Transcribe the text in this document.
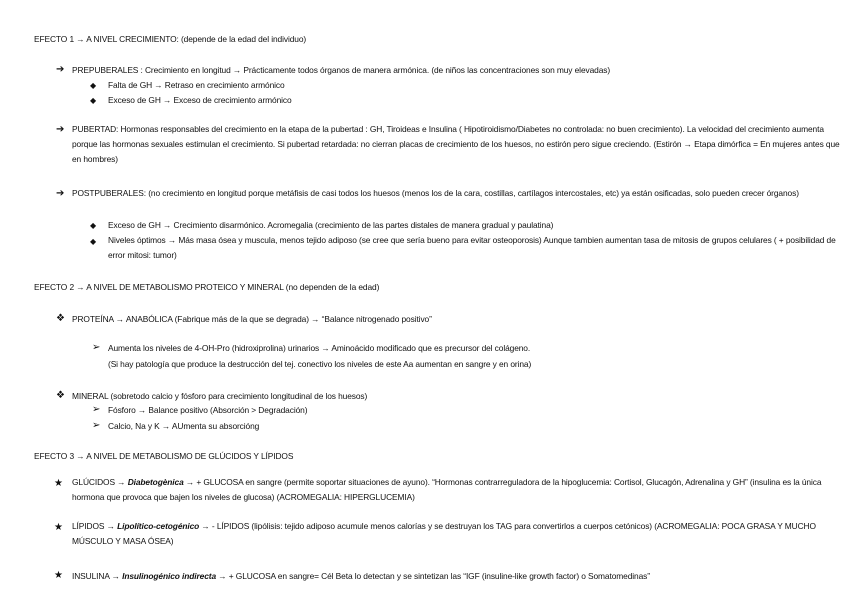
EFECTO 1 → A NIVEL CRECIMIENTO: (depende de la edad del individuo)
➔ PREPUBERALES : Crecimiento en longitud → Prácticamente todos órganos de manera armónica. (de niños las concentraciones son muy elevadas)
◆ Falta de GH → Retraso en crecimiento armónico
◆ Exceso de GH → Exceso de crecimiento armónico
➔ PUBERTAD: Hormonas responsables del crecimiento en la etapa de la pubertad : GH, Tiroideas e Insulina ( Hipotiroidismo/Diabetes no controlada: no buen crecimiento). La velocidad del crecimiento aumenta porque las hormonas sexuales estimulan el crecimiento. Si pubertad retardada: no cierran placas de crecimiento de los huesos, no estirón pero sigue creciendo. (Estirón → Etapa dimórfica = En mujeres antes que en hombres)
➔ POSTPUBERALES: (no crecimiento en longitud porque metáfisis de casi todos los huesos (menos los de la cara, costillas, cartílagos intercostales, etc) ya están osificadas, solo pueden crecer órganos)
◆ Exceso de GH → Crecimiento disarmónico. Acromegalia (crecimiento de las partes distales de manera gradual y paulatina)
◆ Niveles óptimos → Más masa ósea y muscula, menos tejido adiposo (se cree que sería bueno para evitar osteoporosis) Aunque tambien aumentan tasa de mitosis de grupos celulares ( + posibilidad de error mitosi: tumor)
EFECTO 2 → A NIVEL DE METABOLISMO PROTEICO Y MINERAL (no dependen de la edad)
❖ PROTEÍNA → ANABÓLICA (Fabrique más de la que se degrada) → “Balance nitrogenado positivo”
➢ Aumenta los niveles de 4-OH-Pro (hidroxiprolina) urinarios → Aminoácido modificado que es precursor del colágeno.
(Si hay patología que produce la destrucción del tej. conectivo los niveles de este Aa aumentan en sangre y en orina)
❖ MINERAL (sobretodo calcio y fósforo para crecimiento longitudinal de los huesos)
➢ Fósforo → Balance positivo (Absorción > Degradación)
➢ Calcio, Na y K → AUmenta su absorcióng
EFECTO 3 → A NIVEL DE METABOLISMO DE GLÚCIDOS Y LÍPIDOS
★ GLÚCIDOS → Diabetogènica → + GLUCOSA en sangre (permite soportar situaciones de ayuno). “Hormonas contrarreguladora de la hipoglucemia: Cortisol, Glucagón, Adrenalina y GH” (insulina es la única hormona que provoca que bajen los niveles de glucosa) (ACROMEGALIA: HIPERGLUCEMIA)
★ LÍPIDOS → Lipolítico-cetogénico → - LÍPIDOS (lipólisis: tejido adiposo acumule menos calorías y se destruyan los TAG para convertirlos a cuerpos cetónicos) (ACROMEGALIA: POCA GRASA Y MUCHO MÚSCULO Y MASA ÓSEA)
★ INSULINA → Insulinogénico indirecta → + GLUCOSA en sangre= Cél Beta lo detectan y se sintetizan las “IGF (insuline-like growth factor) o Somatomedinas”
